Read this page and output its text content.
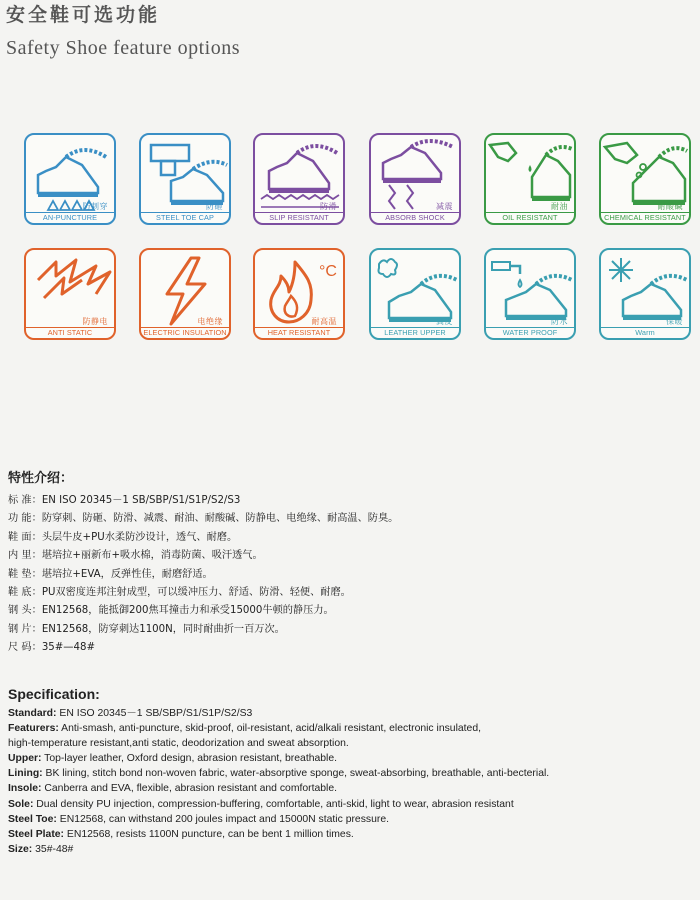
安全鞋可选功能
Safety Shoe feature options
防刺穿
AN-PUNCTURE
防砸
STEEL TOE CAP
防滑
SLIP RESISTANT
减震
ABSORB SHOCK
耐油
OIL RESISTANT
耐酸碱
CHEMICAL RESISTANT
防静电
ANTI STATIC
电绝缘
ELECTRIC INSULATION
°C
耐高温
HEAT RESISTANT
真皮
LEATHER UPPER
防水
WATER PROOF
保暖
Warm
特性介绍：
标 准：EN ISO 20345－1 SB/SBP/S1/S1P/S2/S3
功 能：防穿刺、防砸、防滑、减震、耐油、耐酸碱、防静电、电绝缘、耐高温、防臭。
鞋 面：头层牛皮+PU水柔防沙设计，透气、耐磨。
内 里：堪培拉+丽新布+吸水棉，消毒防菌、吸汗透气。
鞋 垫：堪培拉+EVA，反弹性佳，耐磨舒适。
鞋 底：PU双密度连邦注射成型，可以缓冲压力、舒适、防滑、轻便、耐磨。
钢 头：EN12568，能抵御200焦耳撞击力和承受15000牛顿的静压力。
钢 片：EN12568，防穿刺达1100N，同时耐曲折一百万次。
尺 码：35#—48#
Specification:
Standard: EN ISO 20345－1 SB/SBP/S1/S1P/S2/S3
Featurers: Anti-smash, anti-puncture, skid-proof, oil-resistant, acid/alkali resistant, electronic insulated,
high-temperature resistant,anti static, deodorization and sweat absorption.
Upper: Top-layer leather, Oxford design, abrasion resistant, breathable.
Lining: BK lining, stitch bond non-woven fabric, water-absorptive sponge, sweat-absorbing, breathable, anti-becterial.
Insole: Canberra and EVA, flexible, abrasion resistant and comfortable.
Sole: Dual density PU injection, compression-buffering, comfortable, anti-skid, light to wear, abrasion resistant
Steel Toe: EN12568, can withstand 200 joules impact and 15000N static pressure.
Steel Plate: EN12568, resists 1100N puncture, can be bent 1 million times.
Size: 35#-48#
